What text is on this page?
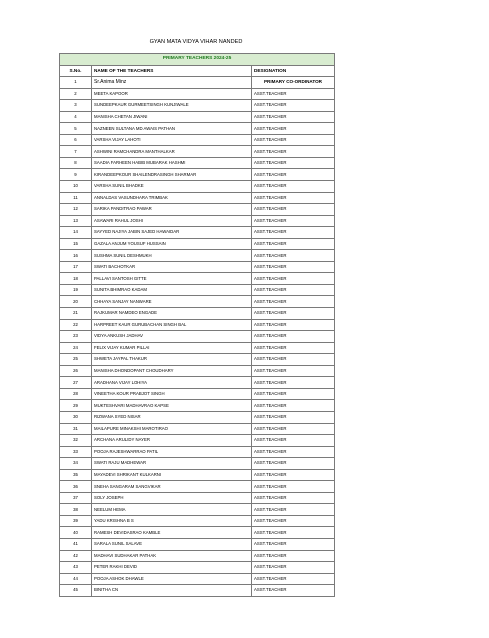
GYAN MATA VIDYA VIHAR NANDED
PRIMARY TEACHERS 2024-25		
S.No.	NAME OF THE TEACHERS	DESIGNATION
1	Sr.Anima Minz	PRIMARY CO-ORDINATOR
2	MEETA KAPOOR	ASST.TEACHER
3	SUNDEEPKAUR GURMEETSINGH KUNJIWALE	ASST.TEACHER
4	MANISHA CHETAN JIWANI	ASST.TEACHER
5	NAZNEEN SULTANA MD AWAIS PATHAN	ASST.TEACHER
6	VARSHA VIJAY LAHOTI	ASST.TEACHER
7	ASHWINI RAMCHANDRA MANTHALKAR	ASST.TEACHER
8	SAADIA FARHEEN HABIB MUBARAK HASHMI	ASST.TEACHER
9	KIRANDEEPKOUR SHAILENDRASINGH SHARMAR	ASST.TEACHER
10	VARSHA SUNIL BHADKE	ASST.TEACHER
11	ANNALDAS VASUNDHARA TRIMBAK	ASST.TEACHER
12	SARIKA PANDITRAO PAWAR	ASST.TEACHER
13	ASAWARI RAHUL JOSHI	ASST.TEACHER
14	SAYYED NAJIYA JABIN SAJED HAWAIDAR	ASST.TEACHER
15	GAZALA ANJUM YOUSUF HUSSAIN	ASST.TEACHER
16	SUSHMA SUNIL DESHMUKH	ASST.TEACHER
17	SWATI BACHOTKAR	ASST.TEACHER
18	PALLAVI SANTOSH GITTE	ASST.TEACHER
19	SUNITA BHIMRAO KADAM	ASST.TEACHER
20	CHHAYA SANJAY NANWARE	ASST.TEACHER
21	RAJKUMAR NAMDEO ENGADE	ASST.TEACHER
22	HARPREET KAUR GURUBACHAN SINGH BAL	ASST.TEACHER
23	VIDYA ANKUSH JADHAV	ASST.TEACHER
24	FELIX VIJAY KUMAR PILLAI	ASST.TEACHER
25	SHWETA JAYPAL THAKUR	ASST.TEACHER
26	MANISHA DHONDOPANT CHOUDHARY	ASST.TEACHER
27	ARADHANA VIJAY LOHIYA	ASST.TEACHER
28	VINEETHA KOUR PRABJOT SINGH	ASST.TEACHER
29	MUKTESHVARI MADHAVRAO KAPSE	ASST.TEACHER
30	RIZWANA SYED NISAR	ASST.TEACHER
31	MAILAPURE MINAKSHI MAROTIRAO	ASST.TEACHER
32	ARCHANA ARULIDY NAYER	ASST.TEACHER
33	POOJA RAJESHWARRAO PATIL	ASST.TEACHER
34	SWATI RAJU MADHEWAR	ASST.TEACHER
35	MAYADEVI SHRIKANT KULKARNI	ASST.TEACHER
36	SNEHA SANGARAM SANGVIKAR	ASST.TEACHER
37	SOLY JOSEPH	ASST.TEACHER
38	NEELUM HEMA	ASST.TEACHER
39	YADU KRISHNA B S	ASST.TEACHER
40	RAMESH DEVIDASRAO KAMBLE	ASST.TEACHER
41	SARALA SUNIL SALAVE	ASST.TEACHER
42	MADHAVI SUDHAKAR PATHAK	ASST.TEACHER
43	PETER RAKHI DEVID	ASST.TEACHER
44	POOJA ASHOK DHAWLE	ASST.TEACHER
45	BINITHA CN	ASST.TEACHER
